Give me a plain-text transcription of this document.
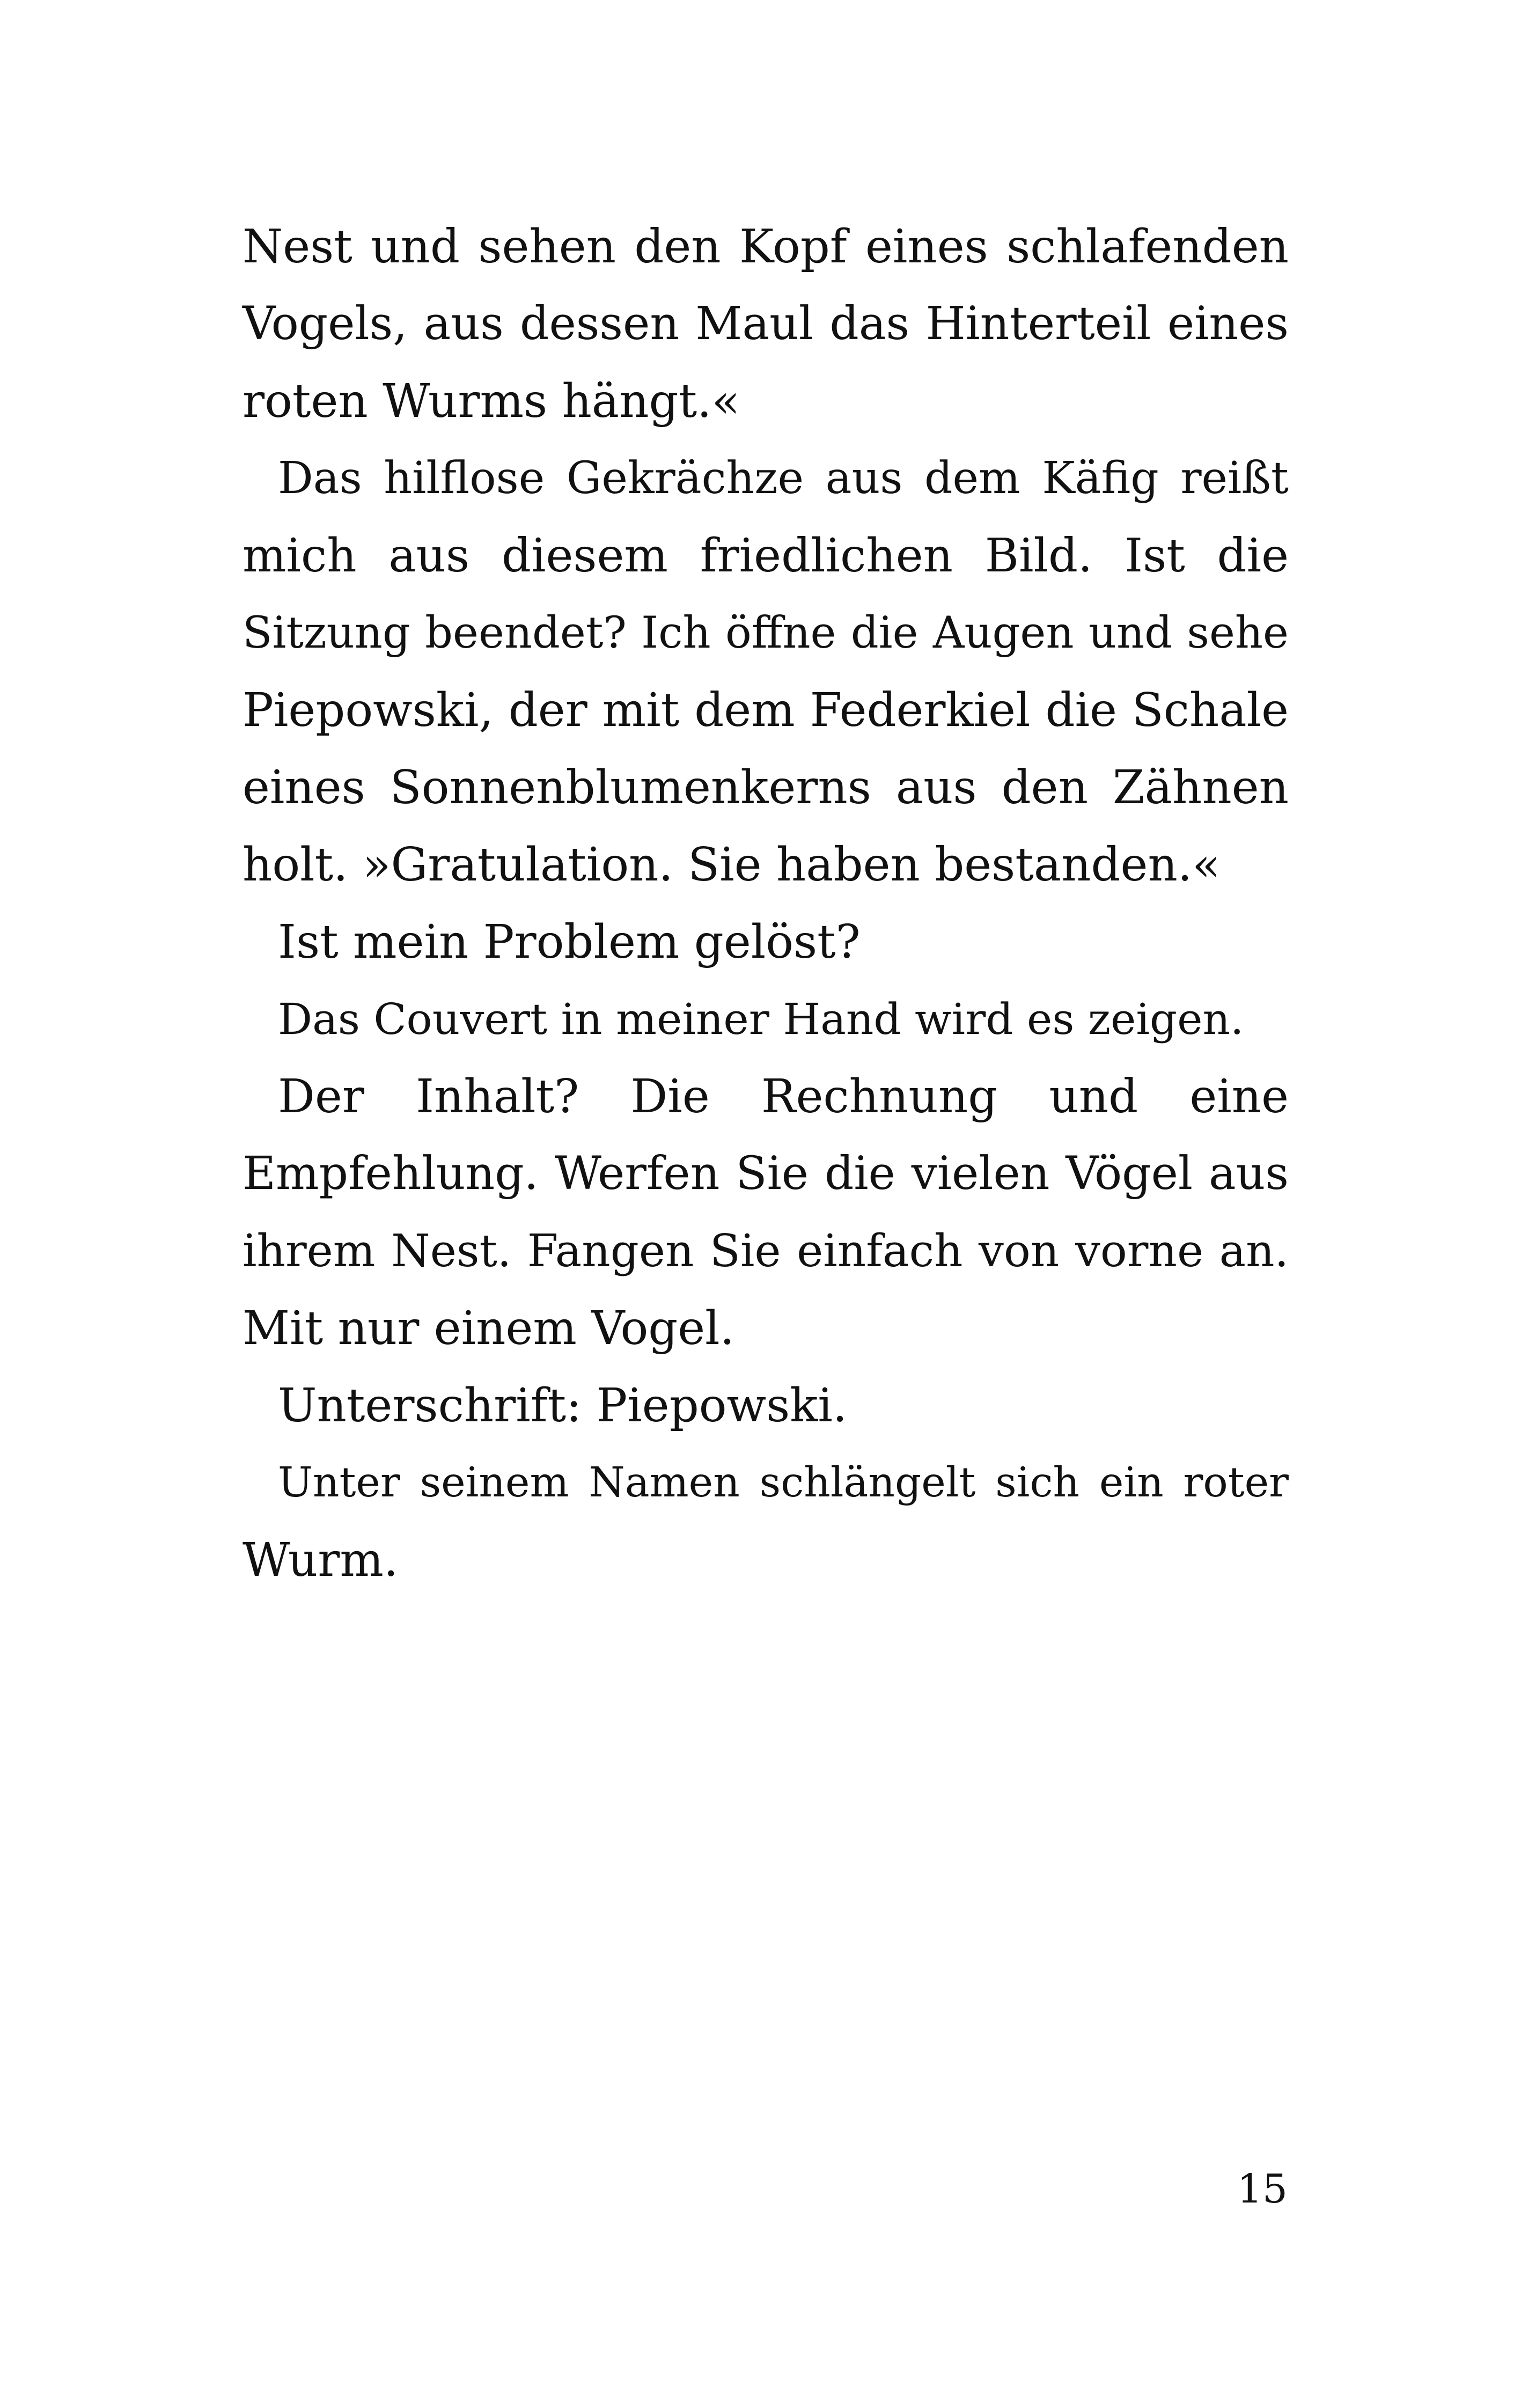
Nest und sehen den Kopf eines schlafenden
Vogels, aus dessen Maul das Hinterteil eines
roten Wurms hängt.«
Das hilflose Gekrächze aus dem Käfig reißt
mich aus diesem friedlichen Bild. Ist die
Sitzung beendet? Ich öffne die Augen und sehe
Piepowski, der mit dem Federkiel die Schale
eines Sonnenblumenkerns aus den Zähnen
holt. »Gratulation. Sie haben bestanden.«
Ist mein Problem gelöst?
Das Couvert in meiner Hand wird es zeigen.
Der Inhalt? Die Rechnung und eine
Empfehlung. Werfen Sie die vielen Vögel aus
ihrem Nest. Fangen Sie einfach von vorne an.
Mit nur einem Vogel.
Unterschrift: Piepowski.
Unter seinem Namen schlängelt sich ein roter
Wurm.
15
